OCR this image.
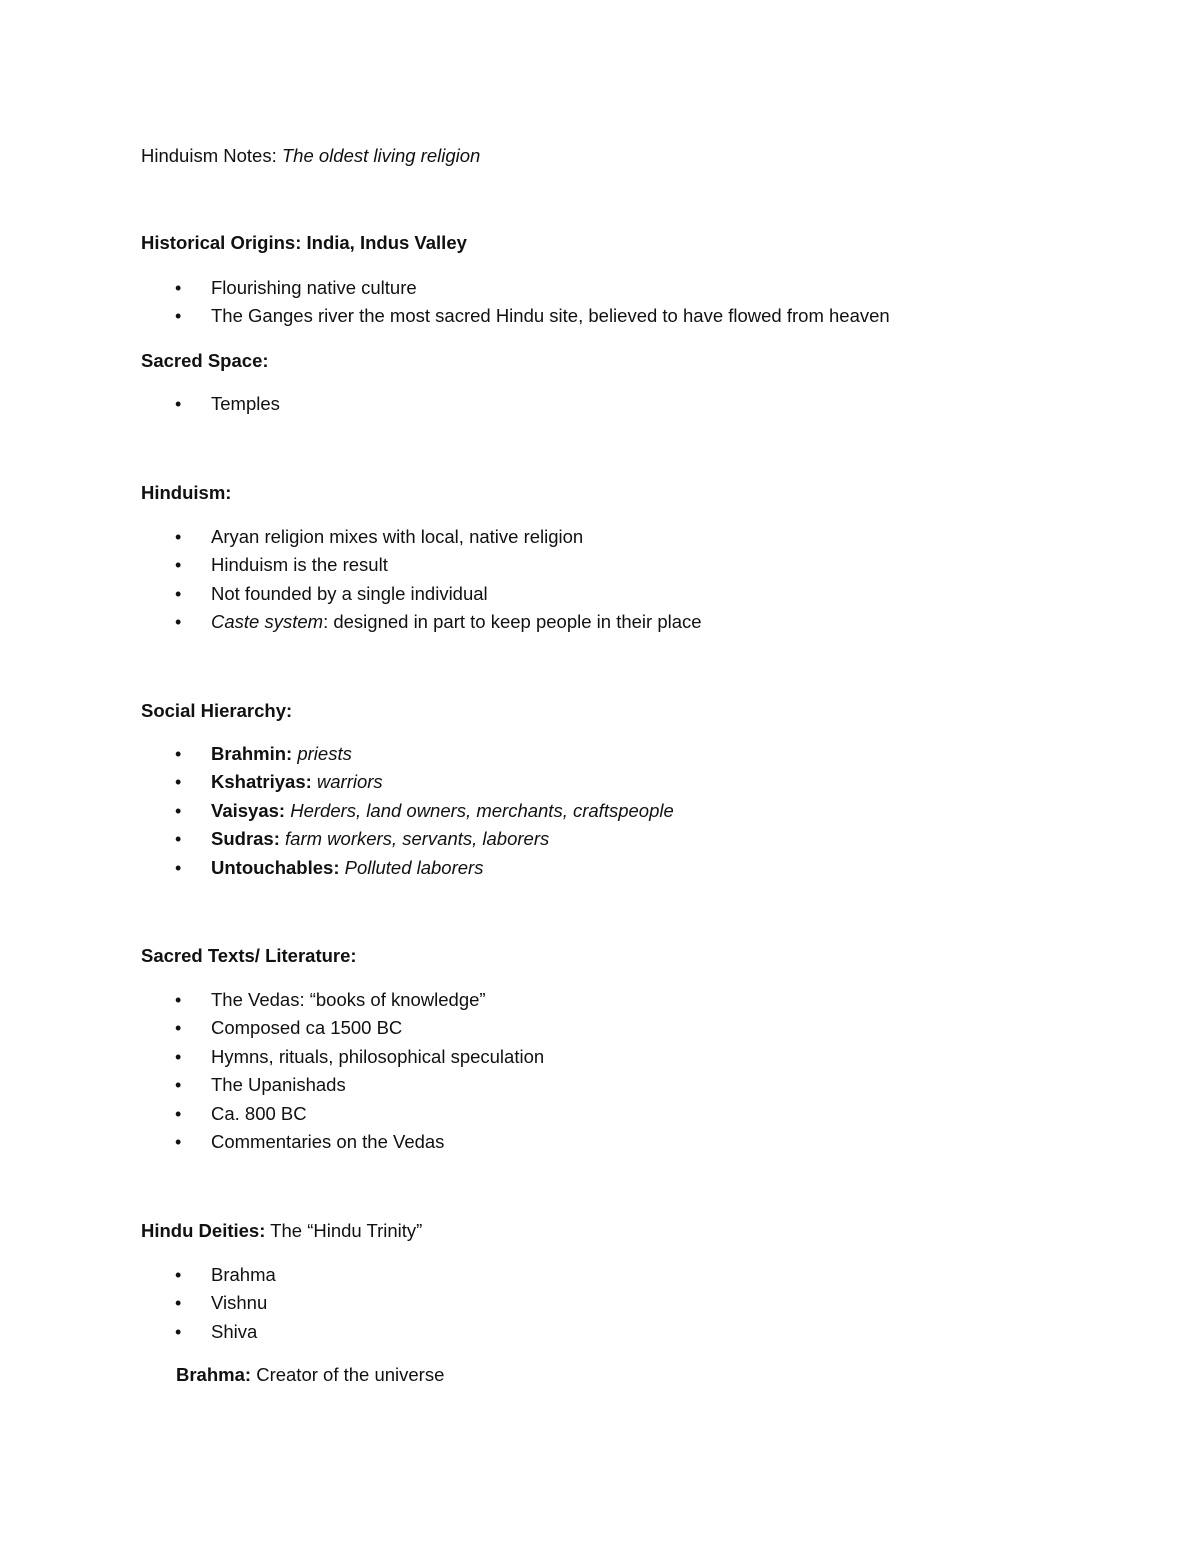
Hinduism Notes: The oldest living religion
Historical Origins: India, Indus Valley
• Flourishing native culture
• The Ganges river the most sacred Hindu site, believed to have flowed from heaven
Sacred Space:
• Temples
Hinduism:
• Aryan religion mixes with local, native religion
• Hinduism is the result
• Not founded by a single individual
• Caste system: designed in part to keep people in their place
Social Hierarchy:
• Brahmin: priests
• Kshatriyas: warriors
• Vaisyas: Herders, land owners, merchants, craftspeople
• Sudras: farm workers, servants, laborers
• Untouchables: Polluted laborers
Sacred Texts/ Literature:
• The Vedas: “books of knowledge”
• Composed ca 1500 BC
• Hymns, rituals, philosophical speculation
• The Upanishads
• Ca. 800 BC
• Commentaries on the Vedas
Hindu Deities: The “Hindu Trinity”
• Brahma
• Vishnu
• Shiva
Brahma: Creator of the universe
